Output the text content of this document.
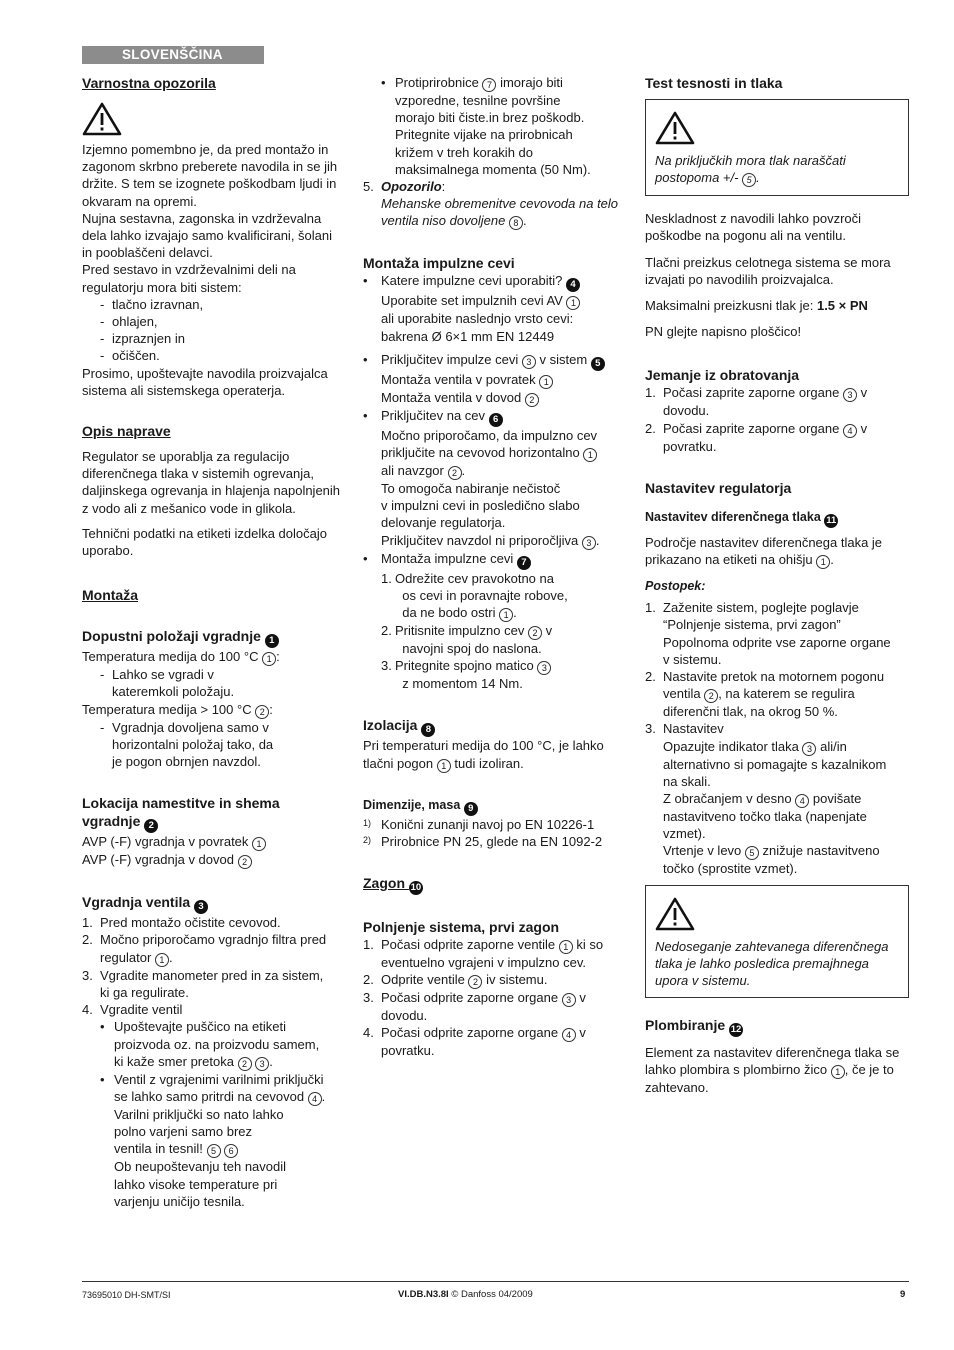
SLOVENŠČINA

Varnostna opozorila

Izjemno pomembno je, da pred montažo in zagonom skrbno preberete navodila in se jih držite. S tem se izognete poškodbam ljudi in okvaram na opremi.

Nujna sestavna, zagonska in vzdrževalna dela lahko izvajajo samo kvalificirani, šolani in pooblaščeni delavci.

Pred sestavo in vzdrževalnimi deli na regulatorju mora biti sistem:

- tlačno izravnan,
- ohlajen,
- izpraznjen in
- očiščen.

Prosimo, upoštevajte navodila proizvajalca sistema ali sistemskega operaterja.

Opis naprave

Regulator se uporablja za regulacijo diferenčnega tlaka v sistemih ogrevanja, daljinskega ogrevanja in hlajenja napolnjenih z vodo ali z mešanico vode in glikola.

Tehnični podatki na etiketi izdelka določajo uporabo.

Montaža

Dopustni položaji vgradnje 1

Temperatura medija do 100 °C 1 :

- Lahko se vgradi v
kateremkoli položaju.

Temperatura medija > 100 °C 2 :

- Vgradnja dovoljena samo v
horizontalni položaj tako, da
je pogon obrnjen navzdol.

Lokacija namestitve in shema

vgradnje 2

AVP (-F) vgradnja v povratek 1

AVP (-F) vgradnja v dovod 2

Vgradnja ventila 3

1. Pred montažo očistite cevovod.
2. Močno priporočamo vgradnjo filtra pred
regulator 1 .
3. Vgradite manometer pred in za sistem,
ki ga regulirate.
4. Vgradite ventil
• Upoštevajte puščico na etiketi
proizvoda oz. na proizvodu samem,
ki kaže smer pretoka 2 3 .
• Ventil z vgrajenimi varilnimi priključki
se lahko samo pritrdi na cevovod 4 .
Varilni priključki so nato lahko
polno varjeni samo brez
ventila in tesnil! 5 6
Ob neupoštevanju teh navodil
lahko visoke temperature pri
varjenju uničijo tesnila.
• Protiprirobnice 7 imorajo biti
vzporedne, tesnilne površine
morajo biti čiste.in brez poškodb.
Pritegnite vijake na prirobnicah
križem v treh korakih do
maksimalnega momenta (50 Nm).
5. Opozorilo:
Mehanske obremenitve cevovoda na telo
ventila niso dovoljene 8 .

Montaža impulzne cevi

•	Katere impulzne cevi uporabiti? 4
Uporabite set impulznih cevi AV 1
ali uporabite naslednjo vrsto cevi:
bakrena Ø 6×1 mm EN 12449
•	Priključitev impulze cevi 3 v sistem 5
Montaža ventila v povratek 1
Montaža ventila v dovod 2
•	Priključitev na cev 6
Močno priporočamo, da impulzno cev
priključite na cevovod horizontalno 1
ali navzgor 2 .
To omogoča nabiranje nečistoč
v impulzni cevi in posledično slabo
delovanje regulatorja.
Priključitev navzdol ni priporočljiva 3 .
•	Montaža impulzne cevi 7
1. Odrežite cev pravokotno na
os cevi in poravnajte robove,
da ne bodo ostri 1 .
2. Pritisnite impulzno cev 2 v
navojni spoj do naslona.
3. Pritegnite spojno matico 3
z momentom 14 Nm.

Izolacija 8

Pri temperaturi medija do 100 °C, je lahko
tlačni pogon 1 tudi izoliran.

Dimenzije, masa 9

1) Konični zunanji navoj po EN 10226-1
2) Prirobnice PN 25, glede na EN 1092-2

Zagon 10

Polnjenje sistema, prvi zagon

1. Počasi odprite zaporne ventile 1 ki so
eventuelno vgrajeni v impulzno cev.
2. Odprite ventile 2 iv sistemu.
3. Počasi odprite zaporne organe 3 v
dovodu.
4. Počasi odprite zaporne organe 4 v
povratku.

Test tesnosti in tlaka

Na priključkih mora tlak naraščati
postopoma +/- 5 .

Neskladnost z navodili lahko povzroči poškodbe na pogonu ali na ventilu.

Tlačni preizkus celotnega sistema se mora izvajati po navodilih proizvajalca.

Maksimalni preizkusni tlak je: 1.5 × PN

PN glejte napisno ploščico!

Jemanje iz obratovanja

1. Počasi zaprite zaporne organe 3 v
dovodu.
2. Počasi zaprite zaporne organe 4 v
povratku.

Nastavitev regulatorja

Nastavitev diferenčnega tlaka 11

Področje nastavitev diferenčnega tlaka je
prikazano na etiketi na ohišju 1 .

Postopek:

1. Zaženite sistem, poglejte poglavje
“Polnjenje sistema, prvi zagon”
Popolnoma odprite vse zaporne organe
v sistemu.
2. Nastavite pretok na motornem pogonu
ventila 2 , na katerem se regulira
diferenčni tlak, na okrog 50 %.
3. Nastavitev
Opazujte indikator tlaka 3 ali/in
alternativno si pomagajte s kazalnikom
na skali.
Z obračanjem v desno 4 povišate
nastavitveno točko tlaka (napenjate
vzmet).
Vrtenje v levo 5 znižuje nastavitveno
točko (sprostite vzmet).

Nedoseganje zahtevanega diferenčnega
tlaka je lahko posledica premajhnega
upora v sistemu.

Plombiranje 12

Element za nastavitev diferenčnega tlaka se
lahko plombira s plombirno žico 1 , če je to
zahtevano.

73695010 DH-SMT/SI	VI.DB.N3.8I © Danfoss 04/2009	9
